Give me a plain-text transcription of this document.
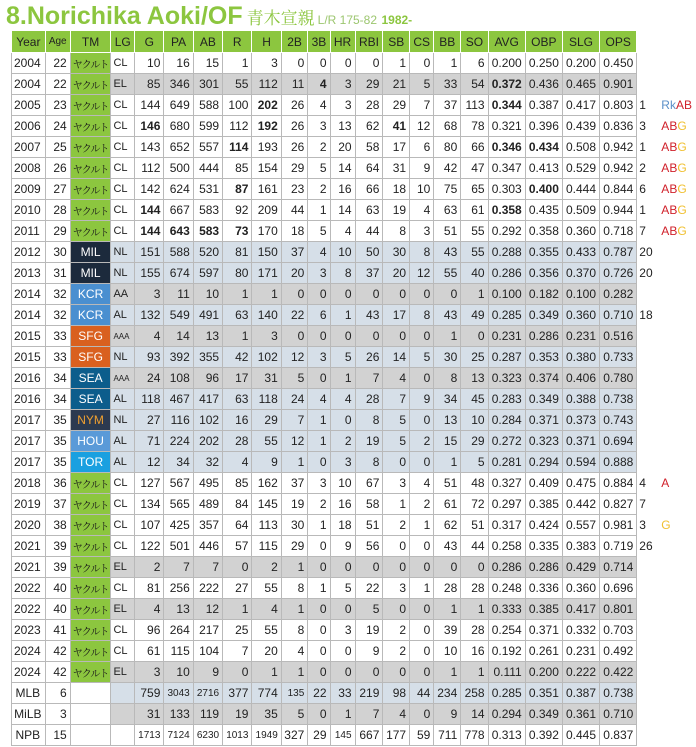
8.Norichika Aoki/OF 青木宣親 L/R 175-82 1982-
Year	Age	TM	LG	G	PA	AB	R	H	2B	3B	HR	RBI	SB	CS	BB	SO	AVG	OBP	SLG	OPS	
2004	22	ヤクルト	CL	10	16	15	1	3	0	0	0	0	1	0	1	6	0.200	0.250	0.200	0.450	
2004	22	ヤクルト	EL	85	346	301	55	112	11	4	3	29	21	5	33	54	0.372	0.436	0.465	0.901	
2005	23	ヤクルト	CL	144	649	588	100	202	26	4	3	28	29	7	37	113	0.344	0.387	0.417	0.803	1 RkAB
2006	24	ヤクルト	CL	146	680	599	112	192	26	3	13	62	41	12	68	78	0.321	0.396	0.439	0.836	3 ABG
2007	25	ヤクルト	CL	143	652	557	114	193	26	2	20	58	17	6	80	66	0.346	0.434	0.508	0.942	1 ABG
2008	26	ヤクルト	CL	112	500	444	85	154	29	5	14	64	31	9	42	47	0.347	0.413	0.529	0.942	2 ABG
2009	27	ヤクルト	CL	142	624	531	87	161	23	2	16	66	18	10	75	65	0.303	0.400	0.444	0.844	6 ABG
2010	28	ヤクルト	CL	144	667	583	92	209	44	1	14	63	19	4	63	61	0.358	0.435	0.509	0.944	1 ABG
2011	29	ヤクルト	CL	144	643	583	73	170	18	5	4	44	8	3	51	55	0.292	0.358	0.360	0.718	7 ABG
2012	30	MIL	NL	151	588	520	81	150	37	4	10	50	30	8	43	55	0.288	0.355	0.433	0.787	20
2013	31	MIL	NL	155	674	597	80	171	20	3	8	37	20	12	55	40	0.286	0.356	0.370	0.726	20
2014	32	KCR	AA	3	11	10	1	1	0	0	0	0	0	0	0	1	0.100	0.182	0.100	0.282	
2014	32	KCR	AL	132	549	491	63	140	22	6	1	43	17	8	43	49	0.285	0.349	0.360	0.710	18
2015	33	SFG	AAA	4	14	13	1	3	0	0	0	0	0	0	1	0	0.231	0.286	0.231	0.516	
2015	33	SFG	NL	93	392	355	42	102	12	3	5	26	14	5	30	25	0.287	0.353	0.380	0.733	
2016	34	SEA	AAA	24	108	96	17	31	5	0	1	7	4	0	8	13	0.323	0.374	0.406	0.780	
2016	34	SEA	AL	118	467	417	63	118	24	4	4	28	7	9	34	45	0.283	0.349	0.388	0.738	
2017	35	NYM	NL	27	116	102	16	29	7	1	0	8	5	0	13	10	0.284	0.371	0.373	0.743	
2017	35	HOU	AL	71	224	202	28	55	12	1	2	19	5	2	15	29	0.272	0.323	0.371	0.694	
2017	35	TOR	AL	12	34	32	4	9	1	0	3	8	0	0	1	5	0.281	0.294	0.594	0.888	
2018	36	ヤクルト	CL	127	567	495	85	162	37	3	10	67	3	4	51	48	0.327	0.409	0.475	0.884	4 A
2019	37	ヤクルト	CL	134	565	489	84	145	19	2	16	58	1	2	61	72	0.297	0.385	0.442	0.827	7
2020	38	ヤクルト	CL	107	425	357	64	113	30	1	18	51	2	1	62	51	0.317	0.424	0.557	0.981	3 G
2021	39	ヤクルト	CL	122	501	446	57	115	29	0	9	56	0	0	43	44	0.258	0.335	0.383	0.719	26
2021	39	ヤクルト	EL	2	7	7	0	2	1	0	0	0	0	0	0	0	0.286	0.286	0.429	0.714	
2022	40	ヤクルト	CL	81	256	222	27	55	8	1	5	22	3	1	28	28	0.248	0.336	0.360	0.696	
2022	40	ヤクルト	EL	4	13	12	1	4	1	0	0	5	0	0	1	1	0.333	0.385	0.417	0.801	
2023	41	ヤクルト	CL	96	264	217	25	55	8	0	3	19	2	0	39	28	0.254	0.371	0.332	0.703	
2024	42	ヤクルト	CL	61	115	104	7	20	4	0	0	9	2	0	10	16	0.192	0.261	0.231	0.492	
2024	42	ヤクルト	EL	3	10	9	0	1	1	0	0	0	0	0	1	1	0.111	0.200	0.222	0.422	
MLB	6			759	3043	2716	377	774	135	22	33	219	98	44	234	258	0.285	0.351	0.387	0.738	
MiLB	3			31	133	119	19	35	5	0	1	7	4	0	9	14	0.294	0.349	0.361	0.710	
NPB	15			1713	7124	6230	1013	1949	327	29	145	667	177	59	711	778	0.313	0.392	0.445	0.837	
